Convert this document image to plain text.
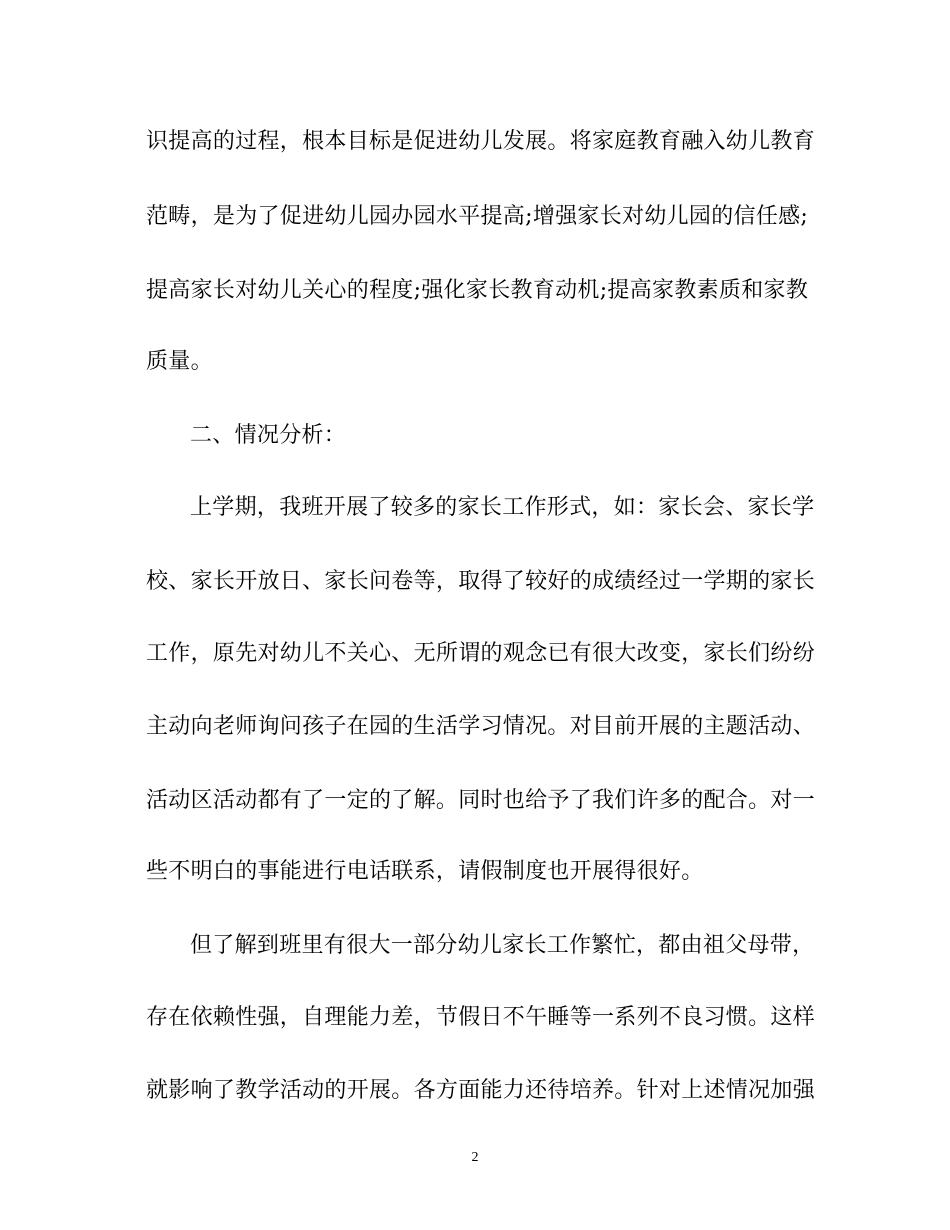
识提高的过程，根本目标是促进幼儿发展。将家庭教育融入幼儿教育
范畴，是为了促进幼儿园办园水平提高;增强家长对幼儿园的信任感;
提高家长对幼儿关心的程度;强化家长教育动机;提高家教素质和家教
质量。
二、情况分析：
上学期，我班开展了较多的家长工作形式，如：家长会、家长学
校、家长开放日、家长问卷等，取得了较好的成绩经过一学期的家长
工作，原先对幼儿不关心、无所谓的观念已有很大改变，家长们纷纷
主动向老师询问孩子在园的生活学习情况。对目前开展的主题活动、
活动区活动都有了一定的了解。同时也给予了我们许多的配合。对一
些不明白的事能进行电话联系，请假制度也开展得很好。
但了解到班里有很大一部分幼儿家长工作繁忙，都由祖父母带，
存在依赖性强，自理能力差，节假日不午睡等一系列不良习惯。这样
就影响了教学活动的开展。各方面能力还待培养。针对上述情况加强
2
